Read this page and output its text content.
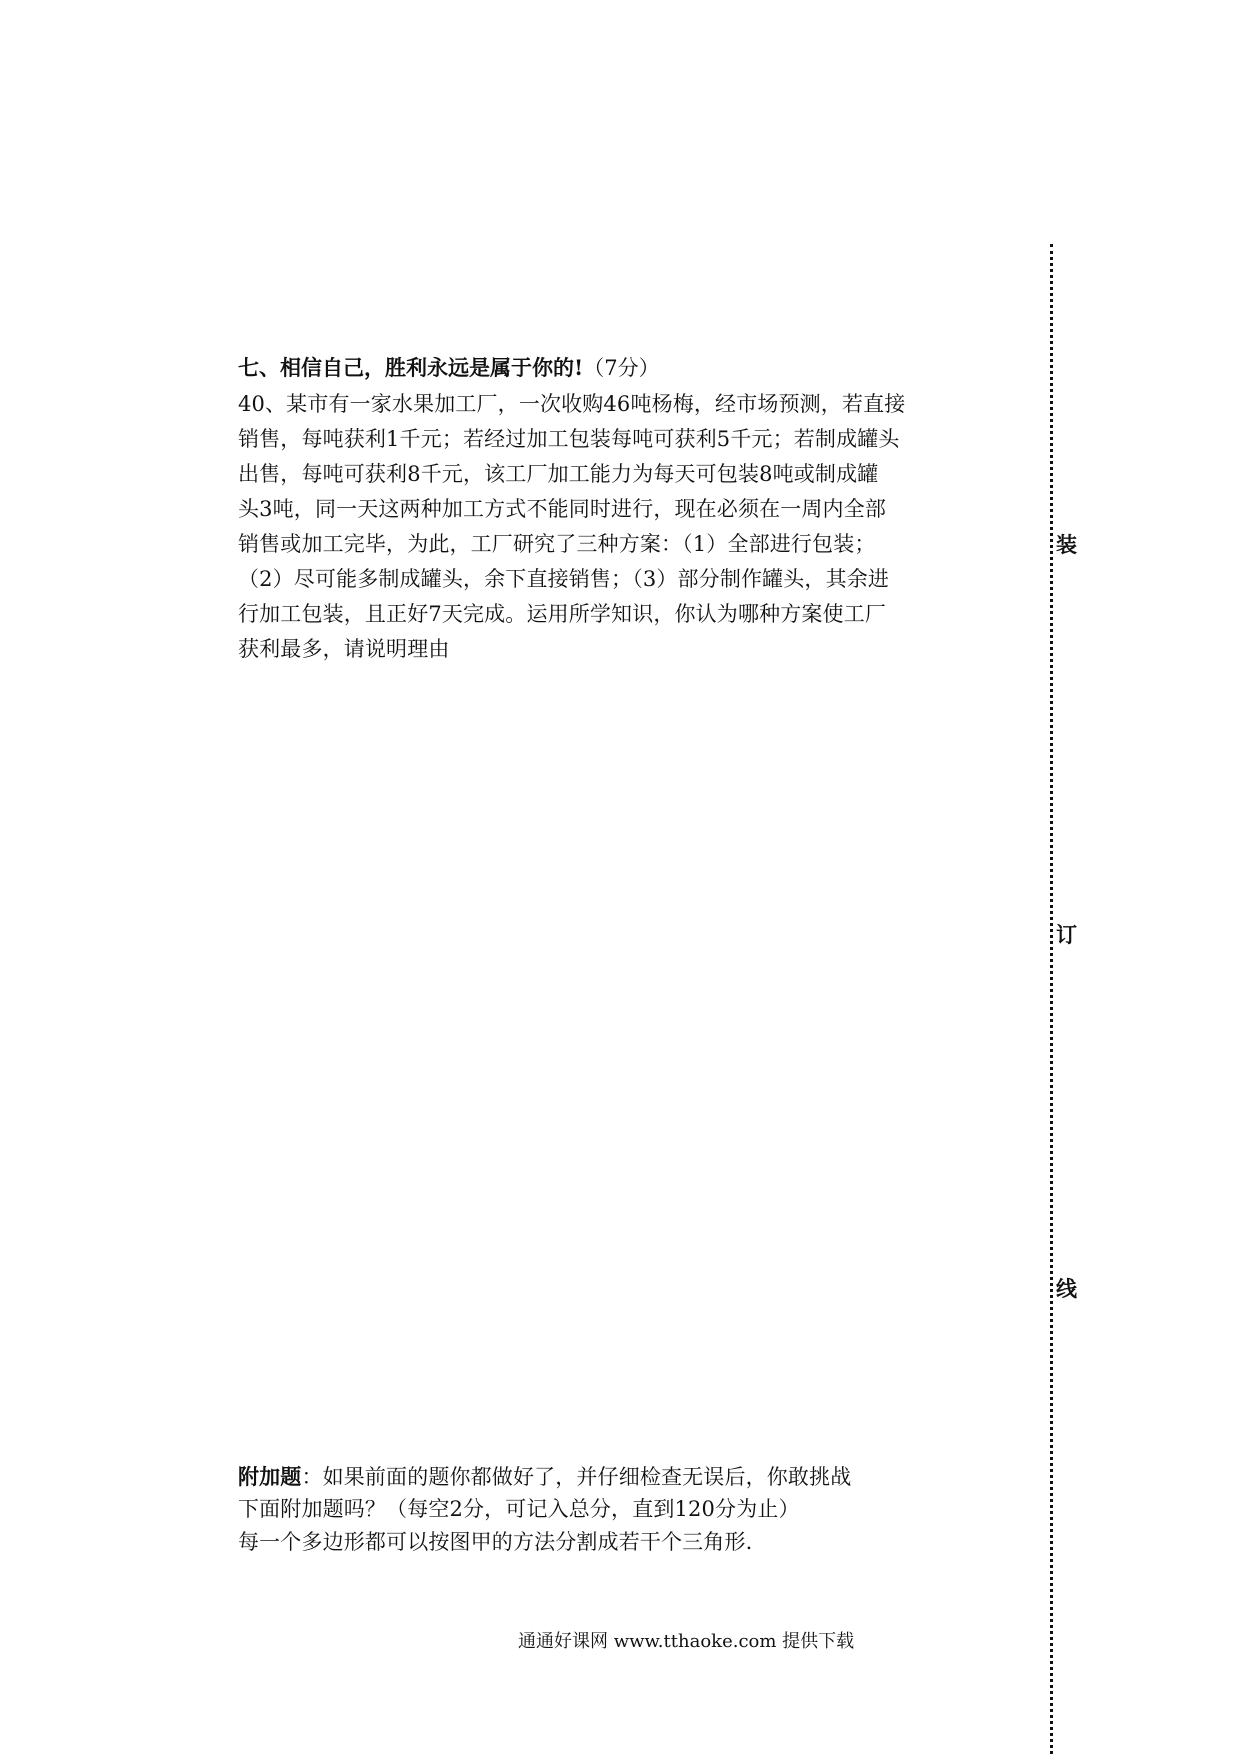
七、相信自己，胜利永远是属于你的!（7分）
40、某市有一家水果加工厂，一次收购46吨杨梅，经市场预测，若直接
销售，每吨获利1千元；若经过加工包装每吨可获利5千元；若制成罐头
出售，每吨可获利8千元，该工厂加工能力为每天可包装8吨或制成罐
头3吨，同一天这两种加工方式不能同时进行，现在必须在一周内全部
销售或加工完毕，为此，工厂研究了三种方案：（1）全部进行包装；
（2）尽可能多制成罐头，余下直接销售；（3）部分制作罐头，其余进
行加工包装，且正好7天完成。运用所学知识，你认为哪种方案使工厂
获利最多，请说明理由
附加题：如果前面的题你都做好了，并仔细检查无误后，你敢挑战
下面附加题吗？（每空2分，可记入总分，直到120分为止）
每一个多边形都可以按图甲的方法分割成若干个三角形.
通通好课网 www.tthaoke.com 提供下载
装
订
线
